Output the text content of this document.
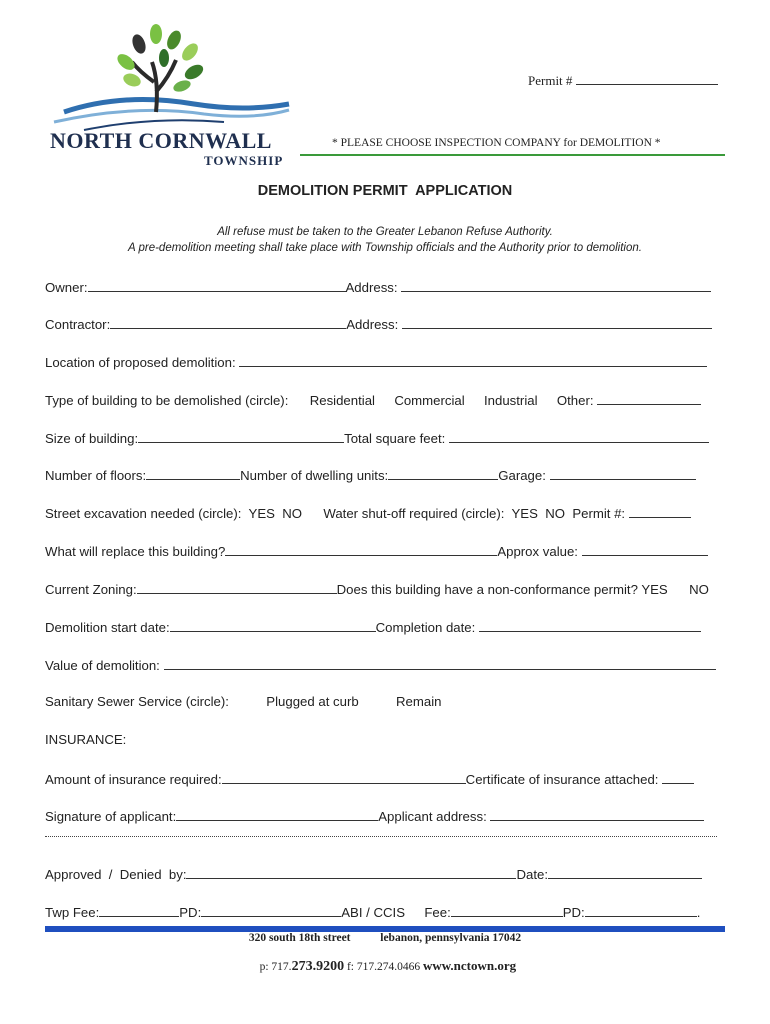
NORTH CORNWALL
TOWNSHIP
Permit #
* PLEASE CHOOSE INSPECTION COMPANY for DEMOLITION *
DEMOLITION PERMIT  APPLICATION
All refuse must be taken to the Greater Lebanon Refuse Authority.
A pre-demolition meeting shall take place with Township officials and the Authority prior to demolition.
Owner:	Address:
Contractor:	Address:
Location of proposed demolition:
Type of building to be demolished (circle): Residential Commercial Industrial Other:
Size of building:	Total square feet:
Number of floors:	Number of dwelling units:	Garage:
Street excavation needed (circle):  YES  NO Water shut-off required (circle):  YES  NO  Permit #:
What will replace this building?	Approx value:
Current Zoning:	Does this building have a non-conformance permit? YES NO
Demolition start date:	Completion date:
Value of demolition:
Sanitary Sewer Service (circle):	Plugged at curb	Remain
INSURANCE:
Amount of insurance required:	Certificate of insurance attached:
Signature of applicant:	Applicant address:
Approved  /  Denied  by:	Date:
Twp Fee:	PD:	ABI / CCIS Fee:	PD:	.
320 south 18th street	lebanon, pennsylvania 17042

p: 717.273.9200 f: 717.274.0466 www.nctown.org
